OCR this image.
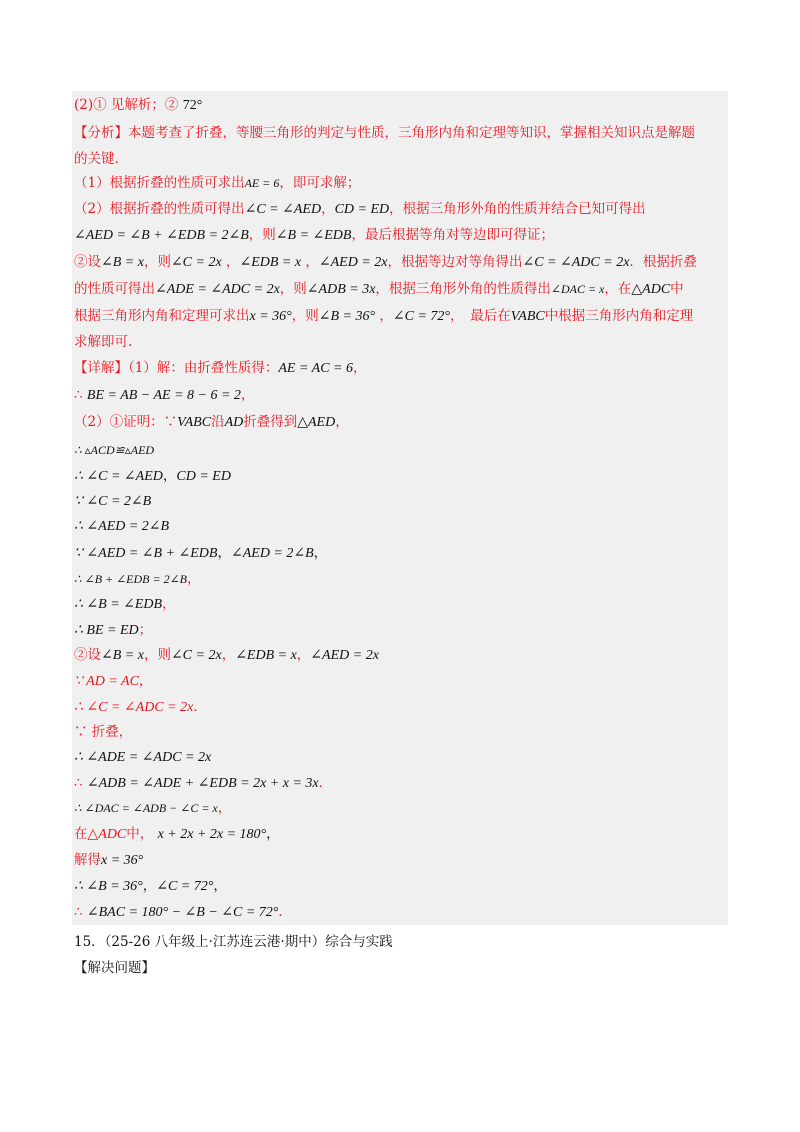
(2)① 见解析；② 72°
【分析】本题考查了折叠，等腰三角形的判定与性质，三角形内角和定理等知识，掌握相关知识点是解题
的关键.
（1）根据折叠的性质可求出AE = 6，即可求解；
（2）根据折叠的性质可得出∠C = ∠AED，CD = ED，根据三角形外角的性质并结合已知可得出
∠AED = ∠B + ∠EDB = 2∠B，则∠B = ∠EDB，最后根据等角对等边即可得证；
②设∠B = x，则∠C = 2x ，∠EDB = x ，∠AED = 2x，根据等边对等角得出∠C = ∠ADC = 2x．根据折叠
的性质可得出∠ADE = ∠ADC = 2x，则∠ADB = 3x，根据三角形外角的性质得出∠DAC = x，在△ADC中
根据三角形内角和定理可求出x = 36°，则∠B = 36° ，∠C = 72°，　最后在VABC中根据三角形内角和定理
求解即可.
【详解】（1）解：由折叠性质得：AE = AC = 6，
∴ BE = AB − AE = 8 − 6 = 2，
（2）①证明：∵VABC沿AD折叠得到△AED，
∴ ▵ACD≌▵AED
∴ ∠C = ∠AED，CD = ED
∵ ∠C = 2∠B
∴ ∠AED = 2∠B
∵ ∠AED = ∠B + ∠EDB，∠AED = 2∠B，
∴ ∠B + ∠EDB = 2∠B，
∴ ∠B = ∠EDB，
∴ BE = ED；
②设∠B = x，则∠C = 2x，∠EDB = x，∠AED = 2x
∵ AD = AC，
∴ ∠C = ∠ADC = 2x．
∵ 折叠，
∴ ∠ADE = ∠ADC = 2x
∴ ∠ADB = ∠ADE + ∠EDB = 2x + x = 3x．
∴ ∠DAC = ∠ADB − ∠C = x，
在△ADC中， x + 2x + 2x = 180°，
解得x = 36°
∴ ∠B = 36°，∠C = 72°，
∴ ∠BAC = 180° − ∠B − ∠C = 72°．
15．（25-26 八年级上·江苏连云港·期中）综合与实践
【解决问题】
